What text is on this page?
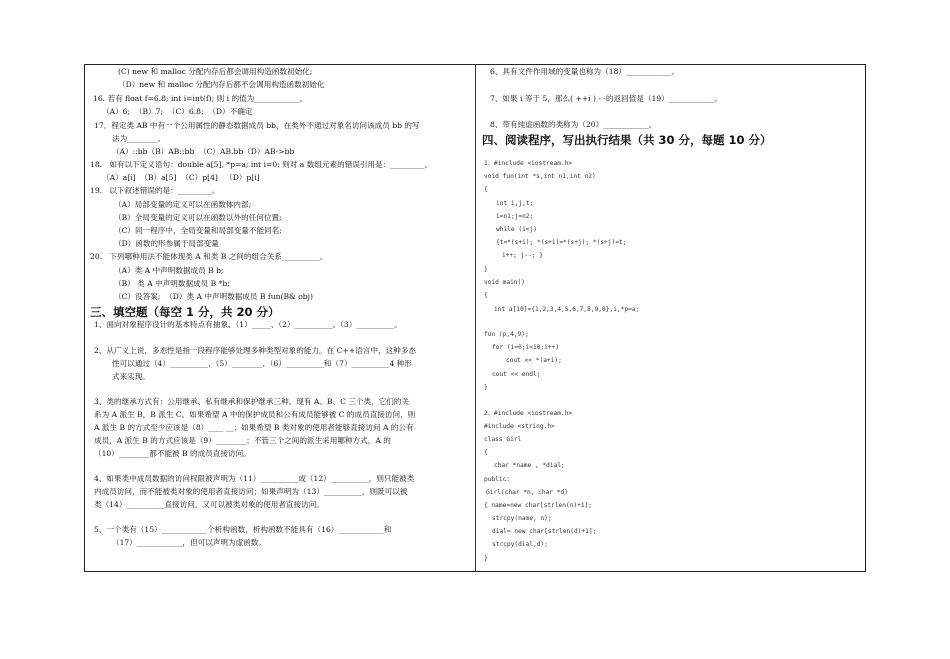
(C) new 和 malloc 分配内存后都会调用构造函数初始化;
（D）new 和 malloc 分配内存后都不会调用构造函数初始化
16. 若有 float f=6.8; int i=int(f); 则 i 的值为____________。
（A）6;  （B）7;  （C）6.8;  （D）不确定
17．程定类 AB 中有一个公用属性的静态数据成员 bb，在类外不通过对象名访问该成员 bb 的写
法为________。
（A）::bb（B）AB::bb  （C）AB.bb（D）AB->bb
18.   如有以下定义语句：double a[5], *p=a; int i=0; 则对 a 数组元素的错误引用是：_________。
（A）a[i]  （B）a[5]  （C）p[4]   （D）p[i]
19.   以下叙述错误的是：_________。
（A）局部变量的定义可以在函数体内部;
（B）全局变量的定义可以在函数以外的任何位置;
（C）同一程序中，全局变量和局部变量不能同名;
（D）函数的形参属于局部变量
20.   下列哪种用法不能体现类 A 和类 B 之间的组合关系__________。
（A）类 A 中声明数据成员 B b;
（B） 类 A 中声明数据成员 B *b;
（C）没答案;  （D）类 A 中声明数据成员 B fun(B& obj)
1、面向对象程序设计的基本特点有抽象、（1）_____、（2）__________、（3）__________。
2、从广义上说，多态性是指一段程序能够处理多种类型对象的能力。在 C++语言中，这种多态
性可以通过（4）__________、（5）________、（6）__________和（7）__________4 种形
式来实现。
3、类的继承方式有：公用继承、私有继承和保护继承三种。现有 A、B、C 三个类，它们的关
系为 A 派生 B，B 派生 C。如果希望 A 中的保护成员和公有成员能够被 C 的成员直接访问，则
A 派生 B 的方式至少应该是（8）____ __；如果希望 B 类对象的使用者能够直接访问 A 的公有
成员，A 派生 B 的方式应该是（9）________；不管三个之间的派生采用哪种方式，A 的
（10）________都不能被 B 的成员直接访问。
4、如果类中成员数据的访问权限被声明为（11）__________或（12）__________，则只能被类
内成员访问，而不能被类对象的使用者直接访问；如果声明为（13）__________，则既可以被
类（14）__________直接访问，又可以被类对象的使用者直接访问。
5、一个类有（15）____________个析构函数，析构函数不能具有（16）____________和
（17）____________，但可以声明为虚函数。
三、填空题（每空 1 分，共 20 分）
6、具有文件作用域的变量也称为（18）____________。
7、如果 i 等于 5，那么( ++i ) - -的返回值是（19）____________。
8、带有纯虚函数的类称为（20）____________。
四、阅读程序，写出执行结果（共 30 分，每题 10 分）
1、#include <iostream.h>
void fun(int *s,int n1,int n2)
{
int i,j,t;
i=n1;j=n2;
while (i<j)
{t=*(s+i); *(s+i)=*(s+j); *(s+j)=t;
i++; j--; }
}
void main()
{
int a[10]={1,2,3,4,5,6,7,8,9,0},i,*p=a;
fun (p,4,9);
for (i=0;i<10;i++)
cout << *(a+i);
cout << endl;
}
2、#include <iostream.h>
#include <string.h>
class Girl
{
char *name , *dial;
public:
Girl(char *n, char *d)
{ name=new char[strlen(n)+1];
strcpy(name, n);
dial= new char[strlen(d)+1];
strcpy(dial,d);
}
